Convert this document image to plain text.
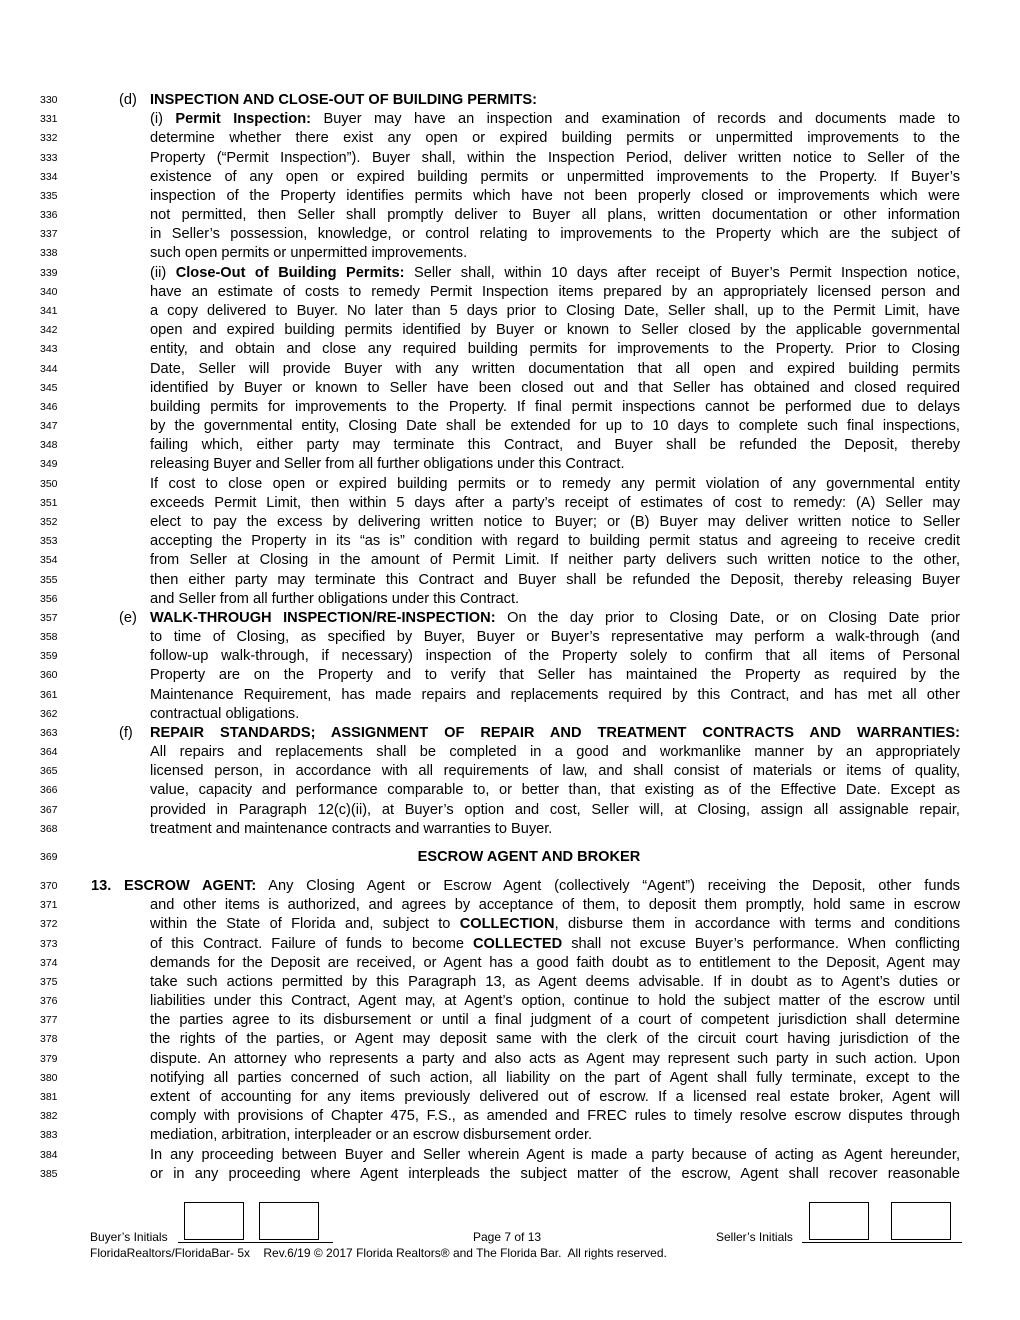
330	(d) INSPECTION AND CLOSE-OUT OF BUILDING PERMITS:
331	(i) Permit Inspection: Buyer may have an inspection and examination of records and documents made to
332	determine whether there exist any open or expired building permits or unpermitted improvements to the
333	Property (“Permit Inspection”). Buyer shall, within the Inspection Period, deliver written notice to Seller of the
334	existence of any open or expired building permits or unpermitted improvements to the Property. If Buyer’s
335	inspection of the Property identifies permits which have not been properly closed or improvements which were
336	not permitted, then Seller shall promptly deliver to Buyer all plans, written documentation or other information
337	in Seller’s possession, knowledge, or control relating to improvements to the Property which are the subject of
338	such open permits or unpermitted improvements.
339	(ii) Close-Out of Building Permits: Seller shall, within 10 days after receipt of Buyer’s Permit Inspection notice,
340	have an estimate of costs to remedy Permit Inspection items prepared by an appropriately licensed person and
341	a copy delivered to Buyer. No later than 5 days prior to Closing Date, Seller shall, up to the Permit Limit, have
342	open and expired building permits identified by Buyer or known to Seller closed by the applicable governmental
343	entity, and obtain and close any required building permits for improvements to the Property. Prior to Closing
344	Date, Seller will provide Buyer with any written documentation that all open and expired building permits
345	identified by Buyer or known to Seller have been closed out and that Seller has obtained and closed required
346	building permits for improvements to the Property. If final permit inspections cannot be performed due to delays
347	by the governmental entity, Closing Date shall be extended for up to 10 days to complete such final inspections,
348	failing which, either party may terminate this Contract, and Buyer shall be refunded the Deposit, thereby
349	releasing Buyer and Seller from all further obligations under this Contract.
350	If cost to close open or expired building permits or to remedy any permit violation of any governmental entity
351	exceeds Permit Limit, then within 5 days after a party’s receipt of estimates of cost to remedy: (A) Seller may
352	elect to pay the excess by delivering written notice to Buyer; or (B) Buyer may deliver written notice to Seller
353	accepting the Property in its “as is” condition with regard to building permit status and agreeing to receive credit
354	from Seller at Closing in the amount of Permit Limit. If neither party delivers such written notice to the other,
355	then either party may terminate this Contract and Buyer shall be refunded the Deposit, thereby releasing Buyer
356	and Seller from all further obligations under this Contract.
357	(e) WALK-THROUGH INSPECTION/RE-INSPECTION: On the day prior to Closing Date, or on Closing Date prior
358	to time of Closing, as specified by Buyer, Buyer or Buyer’s representative may perform a walk-through (and
359	follow-up walk-through, if necessary) inspection of the Property solely to confirm that all items of Personal
360	Property are on the Property and to verify that Seller has maintained the Property as required by the
361	Maintenance Requirement, has made repairs and replacements required by this Contract, and has met all other
362	contractual obligations.
363	(f) REPAIR STANDARDS; ASSIGNMENT OF REPAIR AND TREATMENT CONTRACTS AND WARRANTIES:
364	All repairs and replacements shall be completed in a good and workmanlike manner by an appropriately
365	licensed person, in accordance with all requirements of law, and shall consist of materials or items of quality,
366	value, capacity and performance comparable to, or better than, that existing as of the Effective Date. Except as
367	provided in Paragraph 12(c)(ii), at Buyer’s option and cost, Seller will, at Closing, assign all assignable repair,
368	treatment and maintenance contracts and warranties to Buyer.
369	ESCROW AGENT AND BROKER
370	13. ESCROW AGENT: Any Closing Agent or Escrow Agent (collectively “Agent”) receiving the Deposit, other funds
371	and other items is authorized, and agrees by acceptance of them, to deposit them promptly, hold same in escrow
372	within the State of Florida and, subject to COLLECTION, disburse them in accordance with terms and conditions
373	of this Contract. Failure of funds to become COLLECTED shall not excuse Buyer’s performance. When conflicting
374	demands for the Deposit are received, or Agent has a good faith doubt as to entitlement to the Deposit, Agent may
375	take such actions permitted by this Paragraph 13, as Agent deems advisable. If in doubt as to Agent’s duties or
376	liabilities under this Contract, Agent may, at Agent’s option, continue to hold the subject matter of the escrow until
377	the parties agree to its disbursement or until a final judgment of a court of competent jurisdiction shall determine
378	the rights of the parties, or Agent may deposit same with the clerk of the circuit court having jurisdiction of the
379	dispute. An attorney who represents a party and also acts as Agent may represent such party in such action. Upon
380	notifying all parties concerned of such action, all liability on the part of Agent shall fully terminate, except to the
381	extent of accounting for any items previously delivered out of escrow. If a licensed real estate broker, Agent will
382	comply with provisions of Chapter 475, F.S., as amended and FREC rules to timely resolve escrow disputes through
383	mediation, arbitration, interpleader or an escrow disbursement order.
384	In any proceeding between Buyer and Seller wherein Agent is made a party because of acting as Agent hereunder,
385	or in any proceeding where Agent interpleads the subject matter of the escrow, Agent shall recover reasonable
Buyer’s Initials	Page 7 of 13	Seller’s Initials
FloridaRealtors/FloridaBar- 5x    Rev.6/19 © 2017 Florida Realtors® and The Florida Bar.  All rights reserved.
